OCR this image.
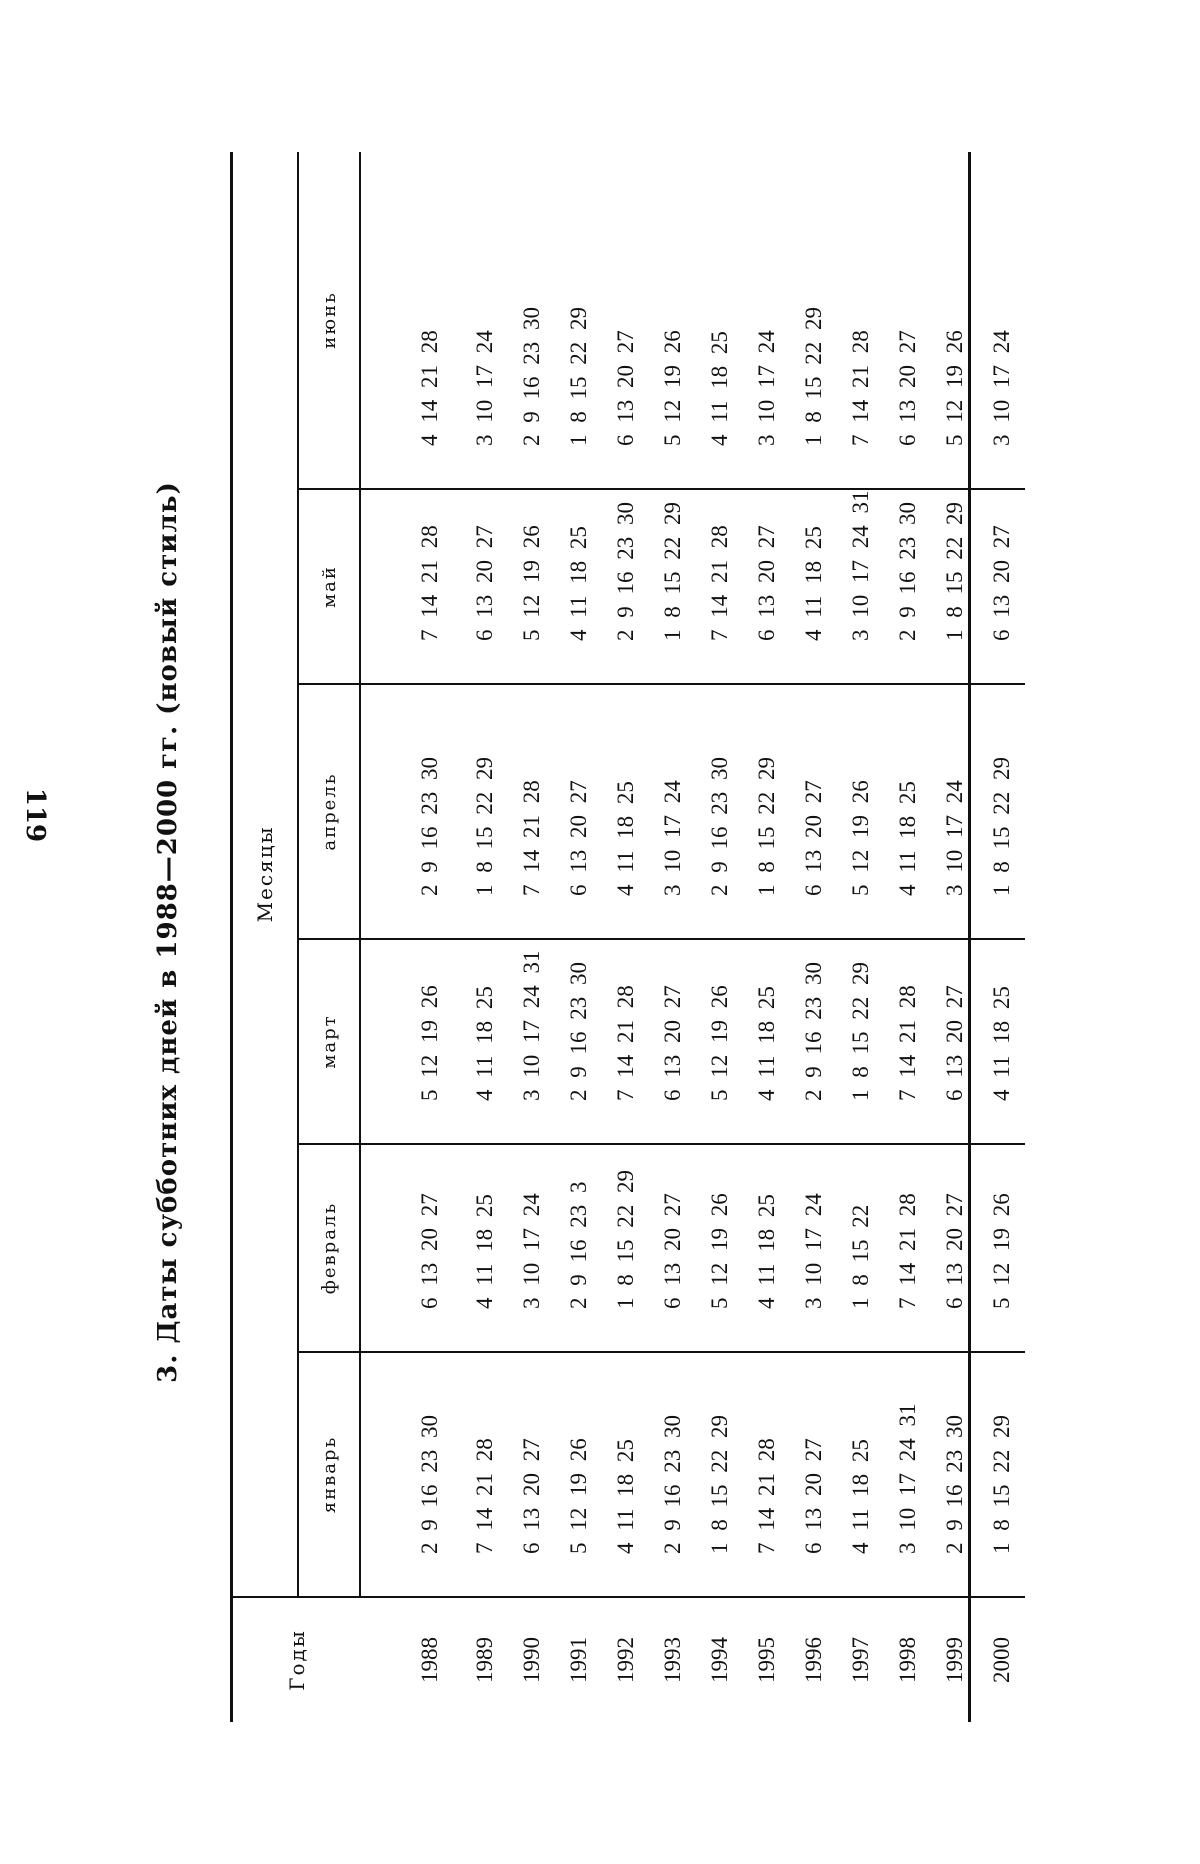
3. Даты субботних дней в 1988—2000 гг. (новый стиль)
Годы	Месяцы					
	январь	февраль	март	апрель	май	июнь
1988	2 9 16 23 30	6 13 20 27	5 12 19 26	2 9 16 23 30	7 14 21 28	4 14 21 28
1989	7 14 21 28	4 11 18 25	4 11 18 25	1 8 15 22 29	6 13 20 27	3 10 17 24
1990	6 13 20 27	3 10 17 24	3 10 17 24 31	7 14 21 28	5 12 19 26	2 9 16 23 30
1991	5 12 19 26	2 9 16 23 3	2 9 16 23 30	6 13 20 27	4 11 18 25	1 8 15 22 29
1992	4 11 18 25	1 8 15 22 29	7 14 21 28	4 11 18 25	2 9 16 23 30	6 13 20 27
1993	2 9 16 23 30	6 13 20 27	6 13 20 27	3 10 17 24	1 8 15 22 29	5 12 19 26
1994	1 8 15 22 29	5 12 19 26	5 12 19 26	2 9 16 23 30	7 14 21 28	4 11 18 25
1995	7 14 21 28	4 11 18 25	4 11 18 25	1 8 15 22 29	6 13 20 27	3 10 17 24
1996	6 13 20 27	3 10 17 24	2 9 16 23 30	6 13 20 27	4 11 18 25	1 8 15 22 29
1997	4 11 18 25	1 8 15 22	1 8 15 22 29	5 12 19 26	3 10 17 24 31	7 14 21 28
1998	3 10 17 24 31	7 14 21 28	7 14 21 28	4 11 18 25	2 9 16 23 30	6 13 20 27
1999	2 9 16 23 30	6 13 20 27	6 13 20 27	3 10 17 24	1 8 15 22 29	5 12 19 26
2000	1 8 15 22 29	5 12 19 26	4 11 18 25	1 8 15 22 29	6 13 20 27	3 10 17 24
119
